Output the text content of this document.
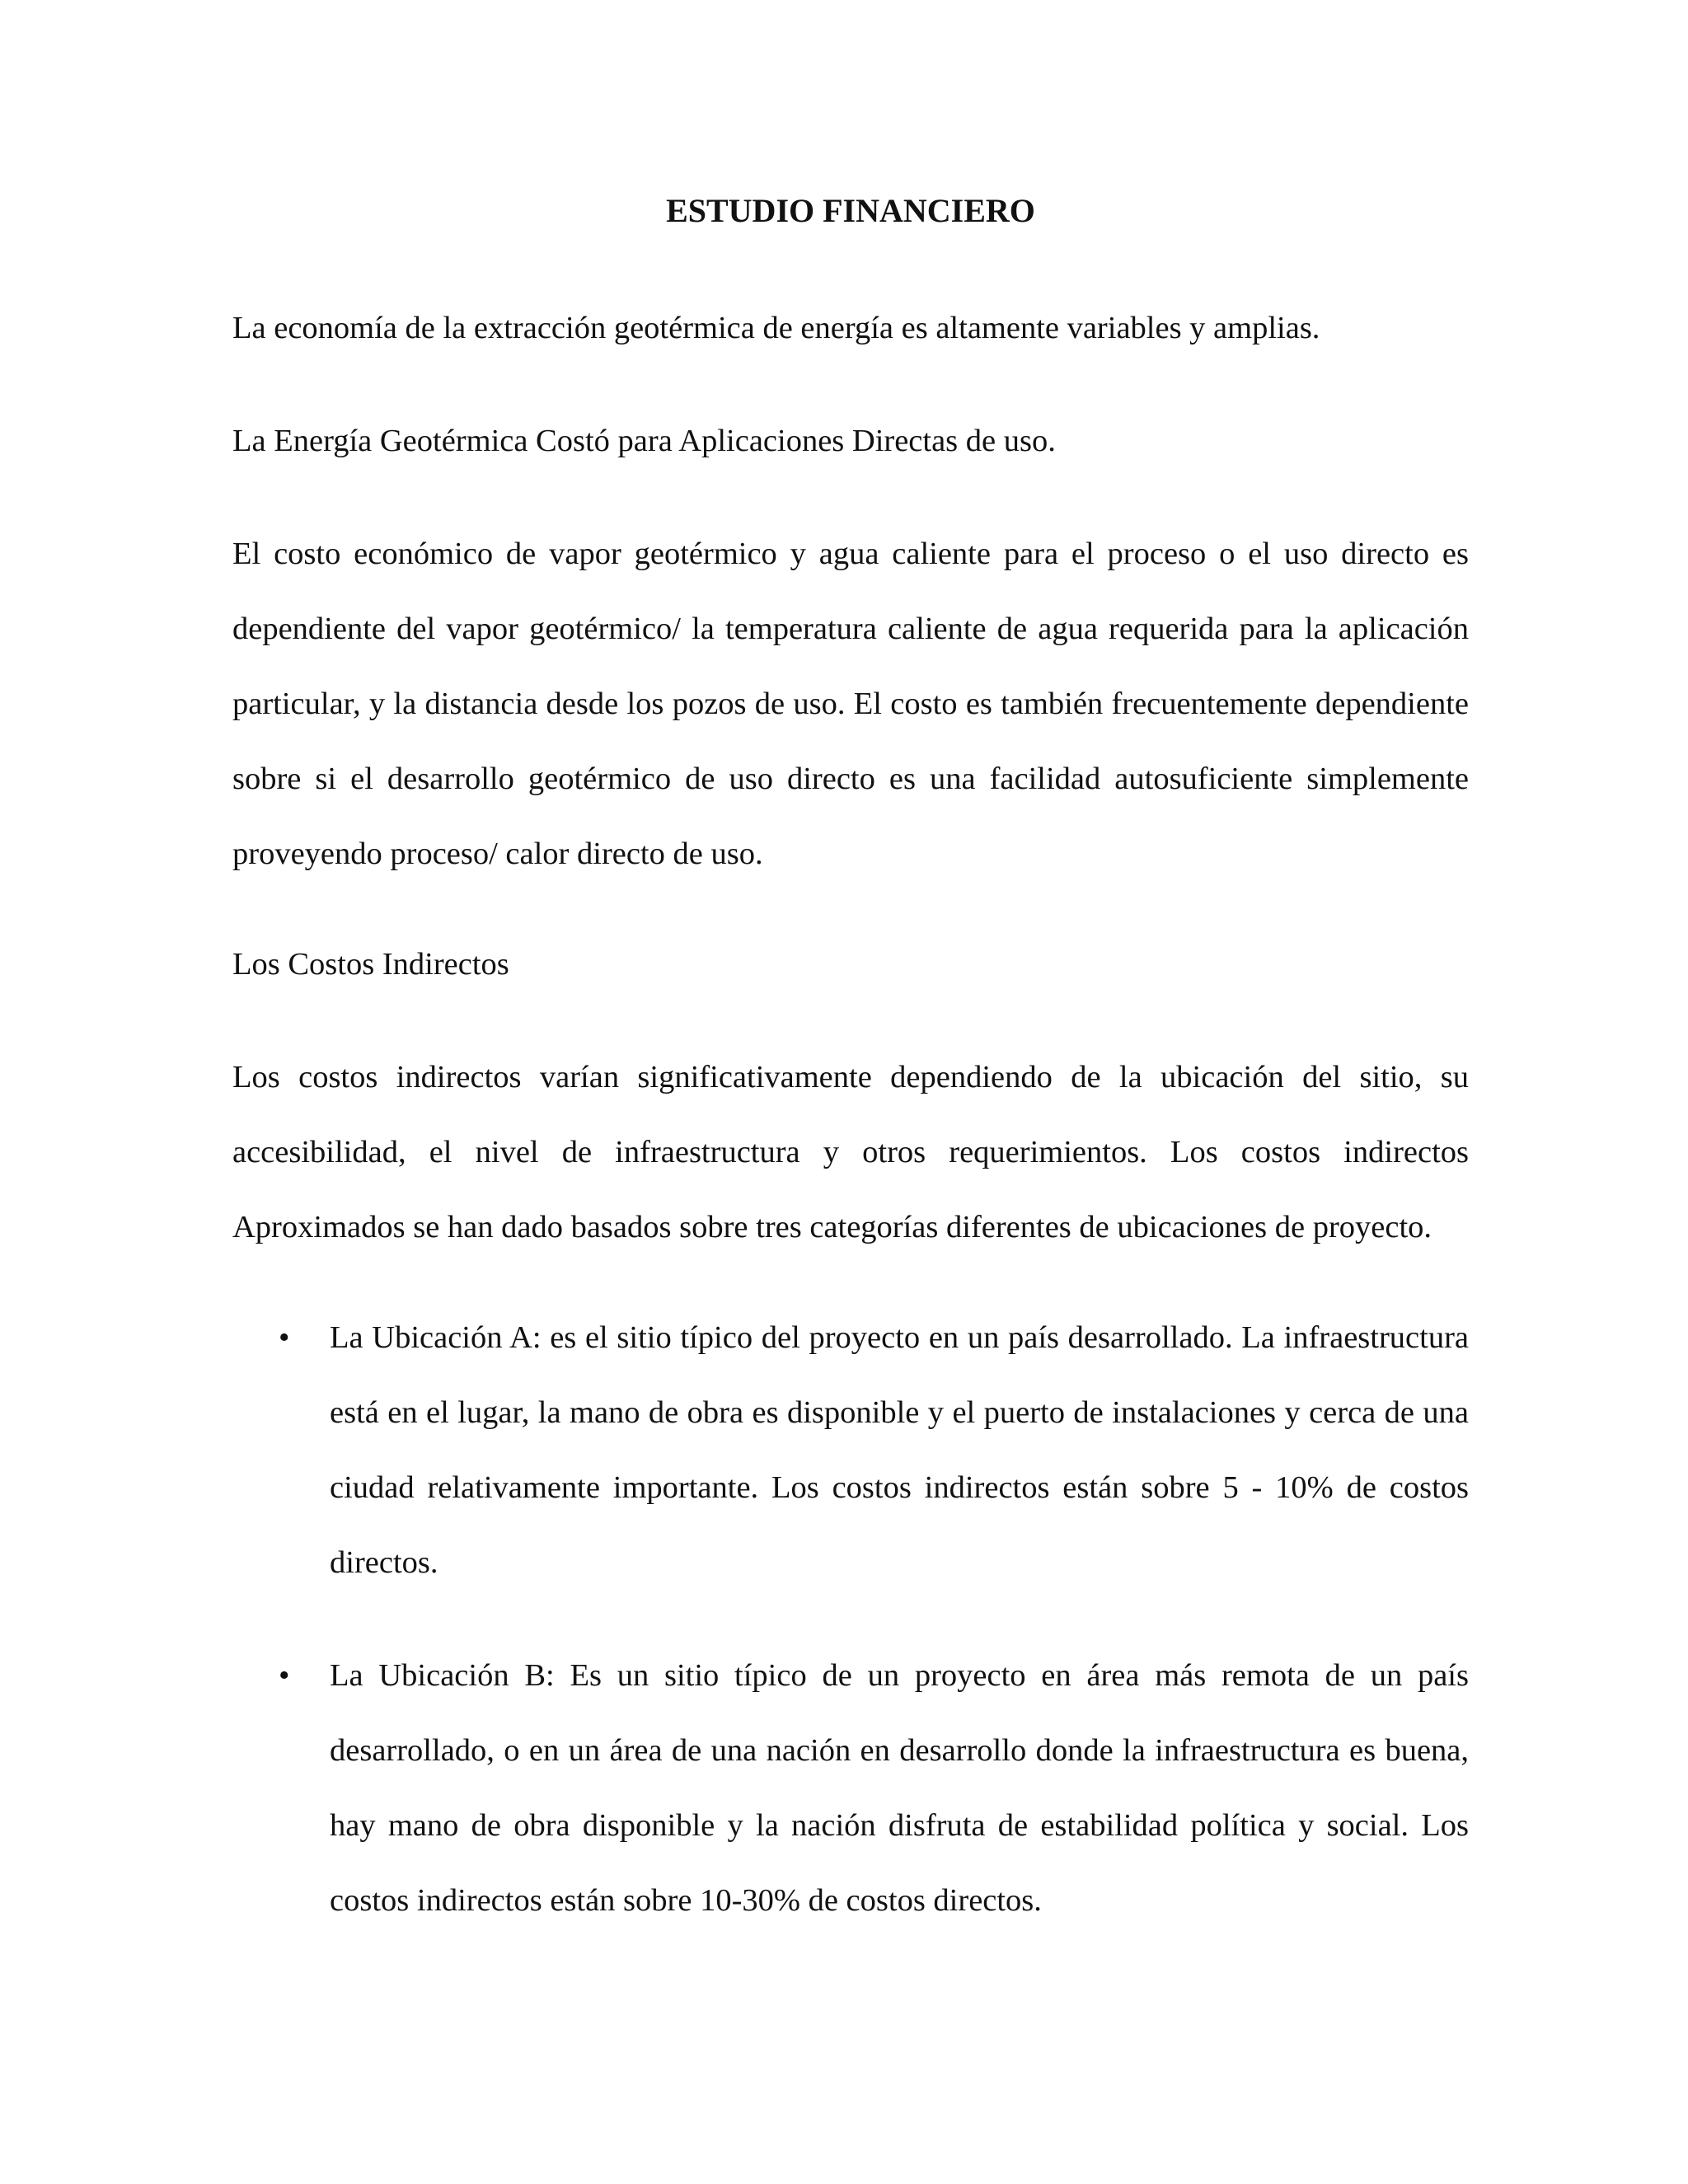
ESTUDIO FINANCIERO

La economía de la extracción geotérmica de energía es altamente variables y amplias.

La Energía Geotérmica Costó para Aplicaciones Directas de uso.

El costo económico de vapor geotérmico y agua caliente para el proceso o el uso directo es dependiente del vapor geotérmico/ la temperatura caliente de agua requerida para la aplicación particular, y la distancia desde los pozos de uso. El costo es también frecuentemente dependiente sobre si el desarrollo geotérmico de uso directo es una facilidad autosuficiente simplemente proveyendo proceso/ calor directo de uso.

Los Costos Indirectos

Los costos indirectos varían significativamente dependiendo de la ubicación del sitio, su accesibilidad, el nivel de infraestructura y otros requerimientos. Los costos indirectos Aproximados se han dado basados sobre tres categorías diferentes de ubicaciones de proyecto.

•	La Ubicación A: es el sitio típico del proyecto en un país desarrollado. La infraestructura está en el lugar, la mano de obra es disponible y el puerto de instalaciones y cerca de una ciudad relativamente importante. Los costos indirectos están sobre 5 - 10% de costos directos.

•	La Ubicación B: Es un sitio típico de un proyecto en área más remota de un país desarrollado, o en un área de una nación en desarrollo donde la infraestructura es buena, hay mano de obra disponible y la nación disfruta de estabilidad política y social. Los costos indirectos están sobre 10-30% de costos directos.
